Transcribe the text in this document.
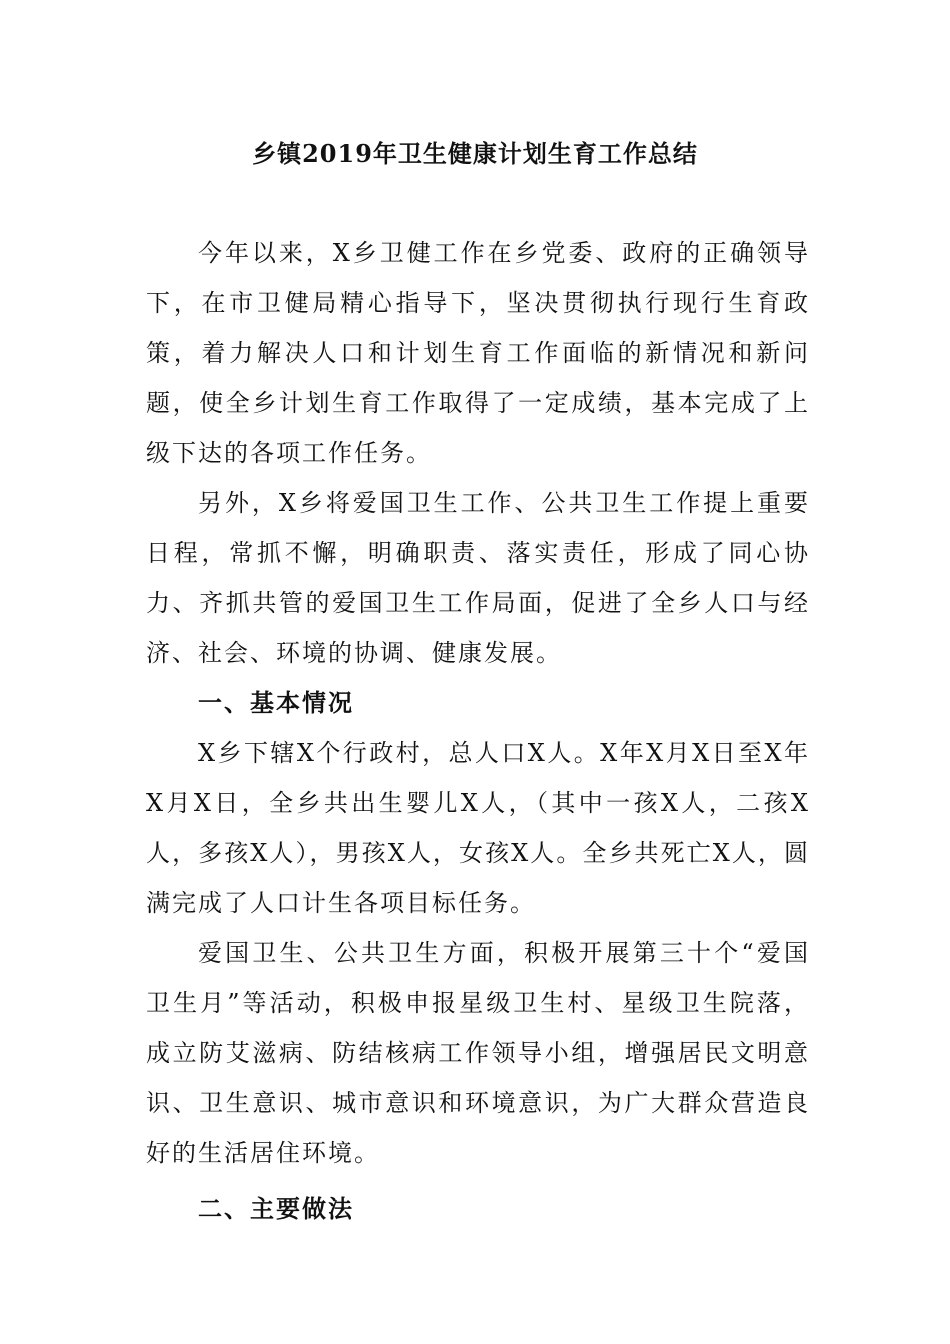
乡镇2019年卫生健康计划生育工作总结

今年以来，X乡卫健工作在乡党委、政府的正确领导下，在市卫健局精心指导下，坚决贯彻执行现行生育政策，着力解决人口和计划生育工作面临的新情况和新问题，使全乡计划生育工作取得了一定成绩，基本完成了上级下达的各项工作任务。

另外，X乡将爱国卫生工作、公共卫生工作提上重要日程，常抓不懈，明确职责、落实责任，形成了同心协力、齐抓共管的爱国卫生工作局面，促进了全乡人口与经济、社会、环境的协调、健康发展。

一、基本情况

X乡下辖X个行政村，总人口X人。X年X月X日至X年X月X日，全乡共出生婴儿X人，（其中一孩X人，二孩X人，多孩X人），男孩X人，女孩X人。全乡共死亡X人，圆满完成了人口计生各项目标任务。

爱国卫生、公共卫生方面，积极开展第三十个“爱国卫生月”等活动，积极申报星级卫生村、星级卫生院落，成立防艾滋病、防结核病工作领导小组，增强居民文明意识、卫生意识、城市意识和环境意识，为广大群众营造良好的生活居住环境。

二、主要做法
